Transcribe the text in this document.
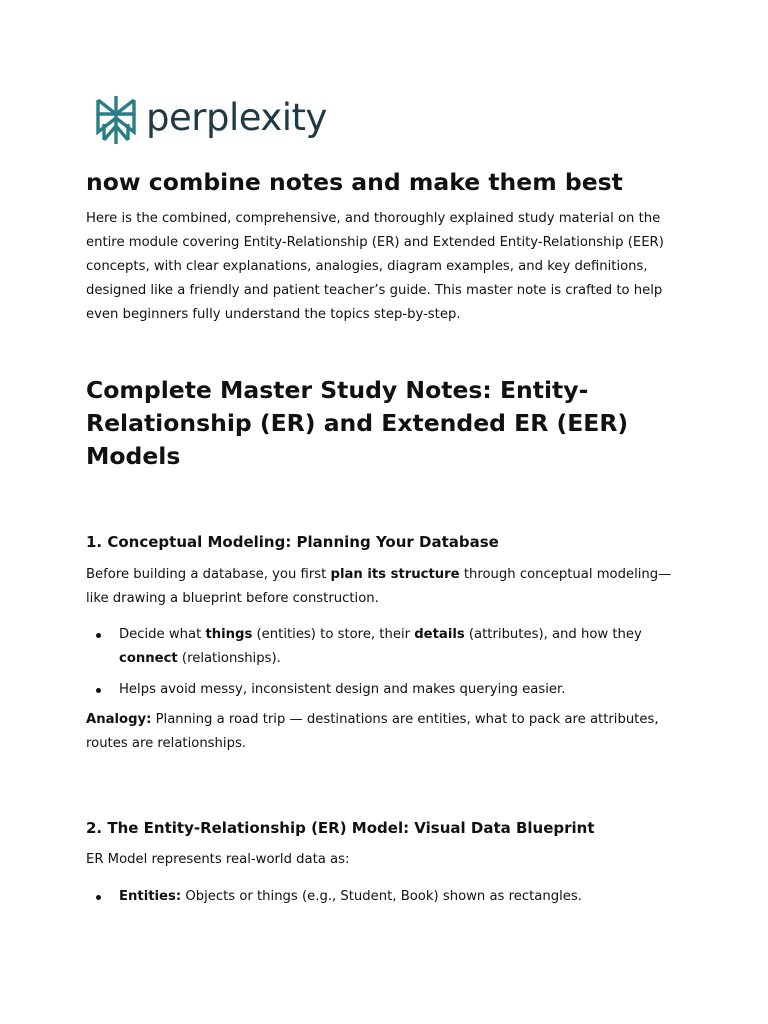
perplexity
now combine notes and make them best

Here is the combined, comprehensive, and thoroughly explained study material on the entire module covering Entity-Relationship (ER) and Extended Entity-Relationship (EER) concepts, with clear explanations, analogies, diagram examples, and key definitions, designed like a friendly and patient teacher’s guide. This master note is crafted to help even beginners fully understand the topics step-by-step.

Complete Master Study Notes: Entity-Relationship (ER) and Extended ER (EER) Models
1. Conceptual Modeling: Planning Your Database

Before building a database, you first plan its structure through conceptual modeling—like drawing a blueprint before construction.

Decide what things (entities) to store, their details (attributes), and how they connect (relationships).
Helps avoid messy, inconsistent design and makes querying easier.

Analogy: Planning a road trip — destinations are entities, what to pack are attributes, routes are relationships.

2. The Entity-Relationship (ER) Model: Visual Data Blueprint

ER Model represents real-world data as:

Entities: Objects or things (e.g., Student, Book) shown as rectangles.
